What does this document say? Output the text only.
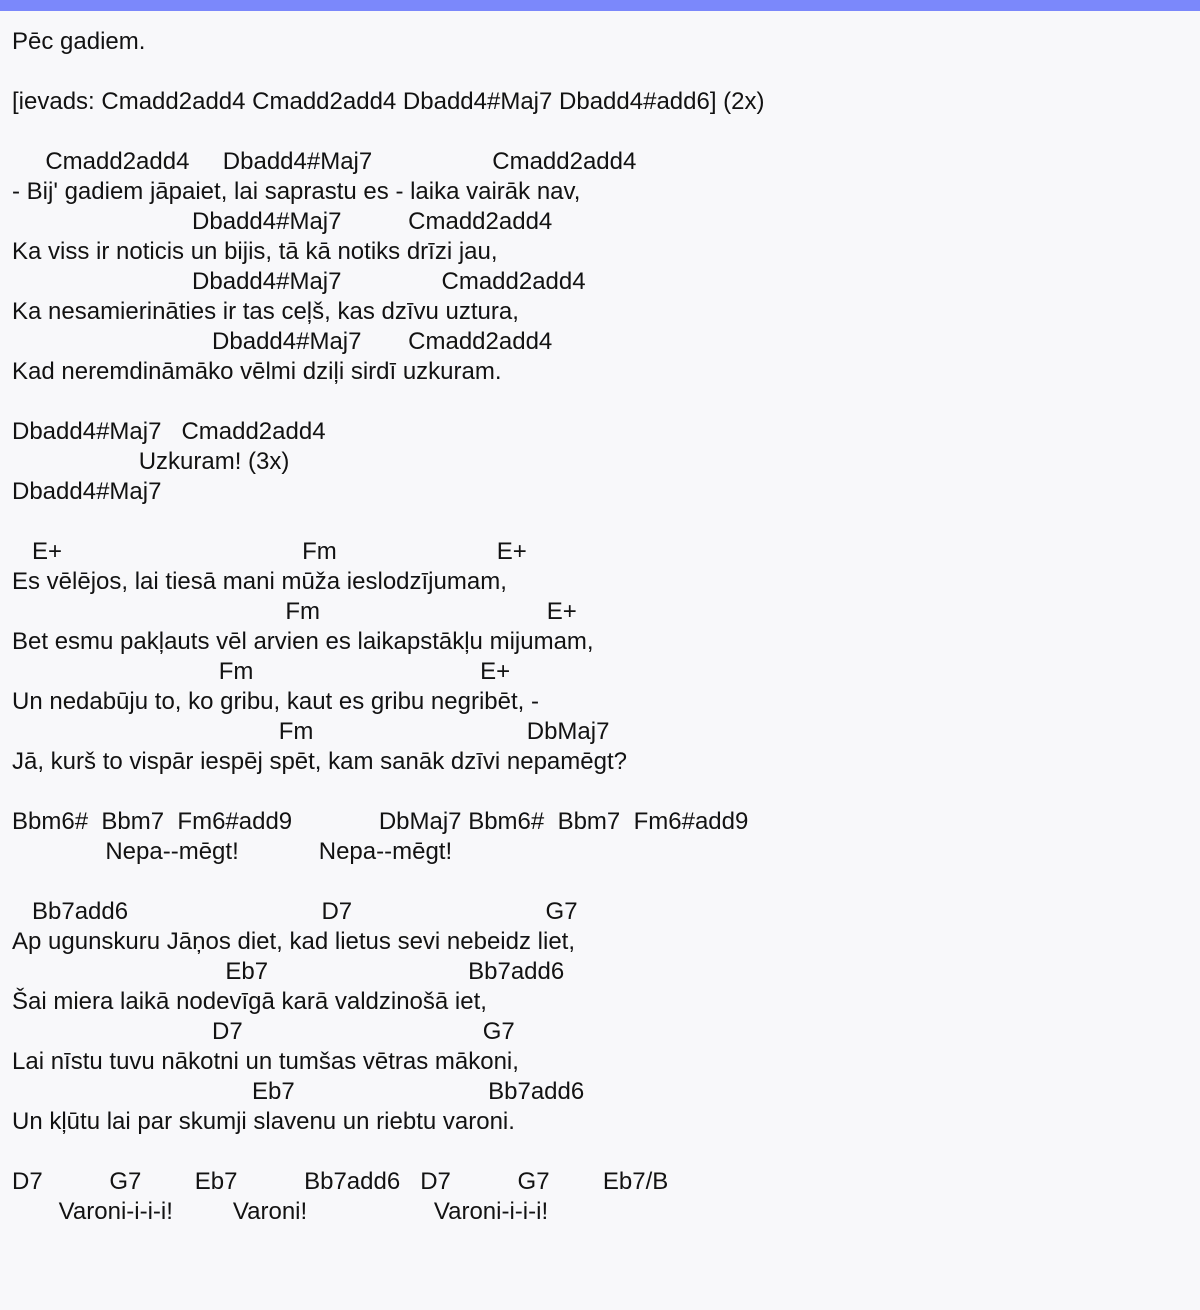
Pēc gadiem.
[ievads: Cmadd2add4 Cmadd2add4 Dbadd4#Maj7 Dbadd4#add6] (2x)
Cmadd2add4     Dbadd4#Maj7                  Cmadd2add4
- Bij' gadiem jāpaiet, lai saprastu es - laika vairāk nav,
Dbadd4#Maj7          Cmadd2add4
Ka viss ir noticis un bijis, tā kā notiks drīzi jau,
Dbadd4#Maj7               Cmadd2add4
Ka nesamierināties ir tas ceļš, kas dzīvu uztura,
Dbadd4#Maj7       Cmadd2add4
Kad neremdināmāko vēlmi dziļi sirdī uzkuram.
Dbadd4#Maj7   Cmadd2add4
Uzkuram! (3x)
Dbadd4#Maj7
E+                                    Fm                        E+
Es vēlējos, lai tiesā mani mūža ieslodzījumam,
Fm                                  E+
Bet esmu pakļauts vēl arvien es laikapstākļu mijumam,
Fm                                  E+
Un nedabūju to, ko gribu, kaut es gribu negribēt, -
Fm                                DbMaj7
Jā, kurš to vispār iespēj spēt, kam sanāk dzīvi nepamēgt?
Bbm6#  Bbm7  Fm6#add9             DbMaj7 Bbm6#  Bbm7  Fm6#add9
Nepa--mēgt!            Nepa--mēgt!
Bb7add6                             D7                             G7
Ap ugunskuru Jāņos diet, kad lietus sevi nebeidz liet,
Eb7                              Bb7add6
Šai miera laikā nodevīgā karā valdzinošā iet,
D7                                    G7
Lai nīstu tuvu nākotni un tumšas vētras mākoni,
Eb7                             Bb7add6
Un kļūtu lai par skumji slavenu un riebtu varoni.
D7          G7        Eb7          Bb7add6   D7          G7        Eb7/B
Varoni-i-i-i!         Varoni!                   Varoni-i-i-i!
